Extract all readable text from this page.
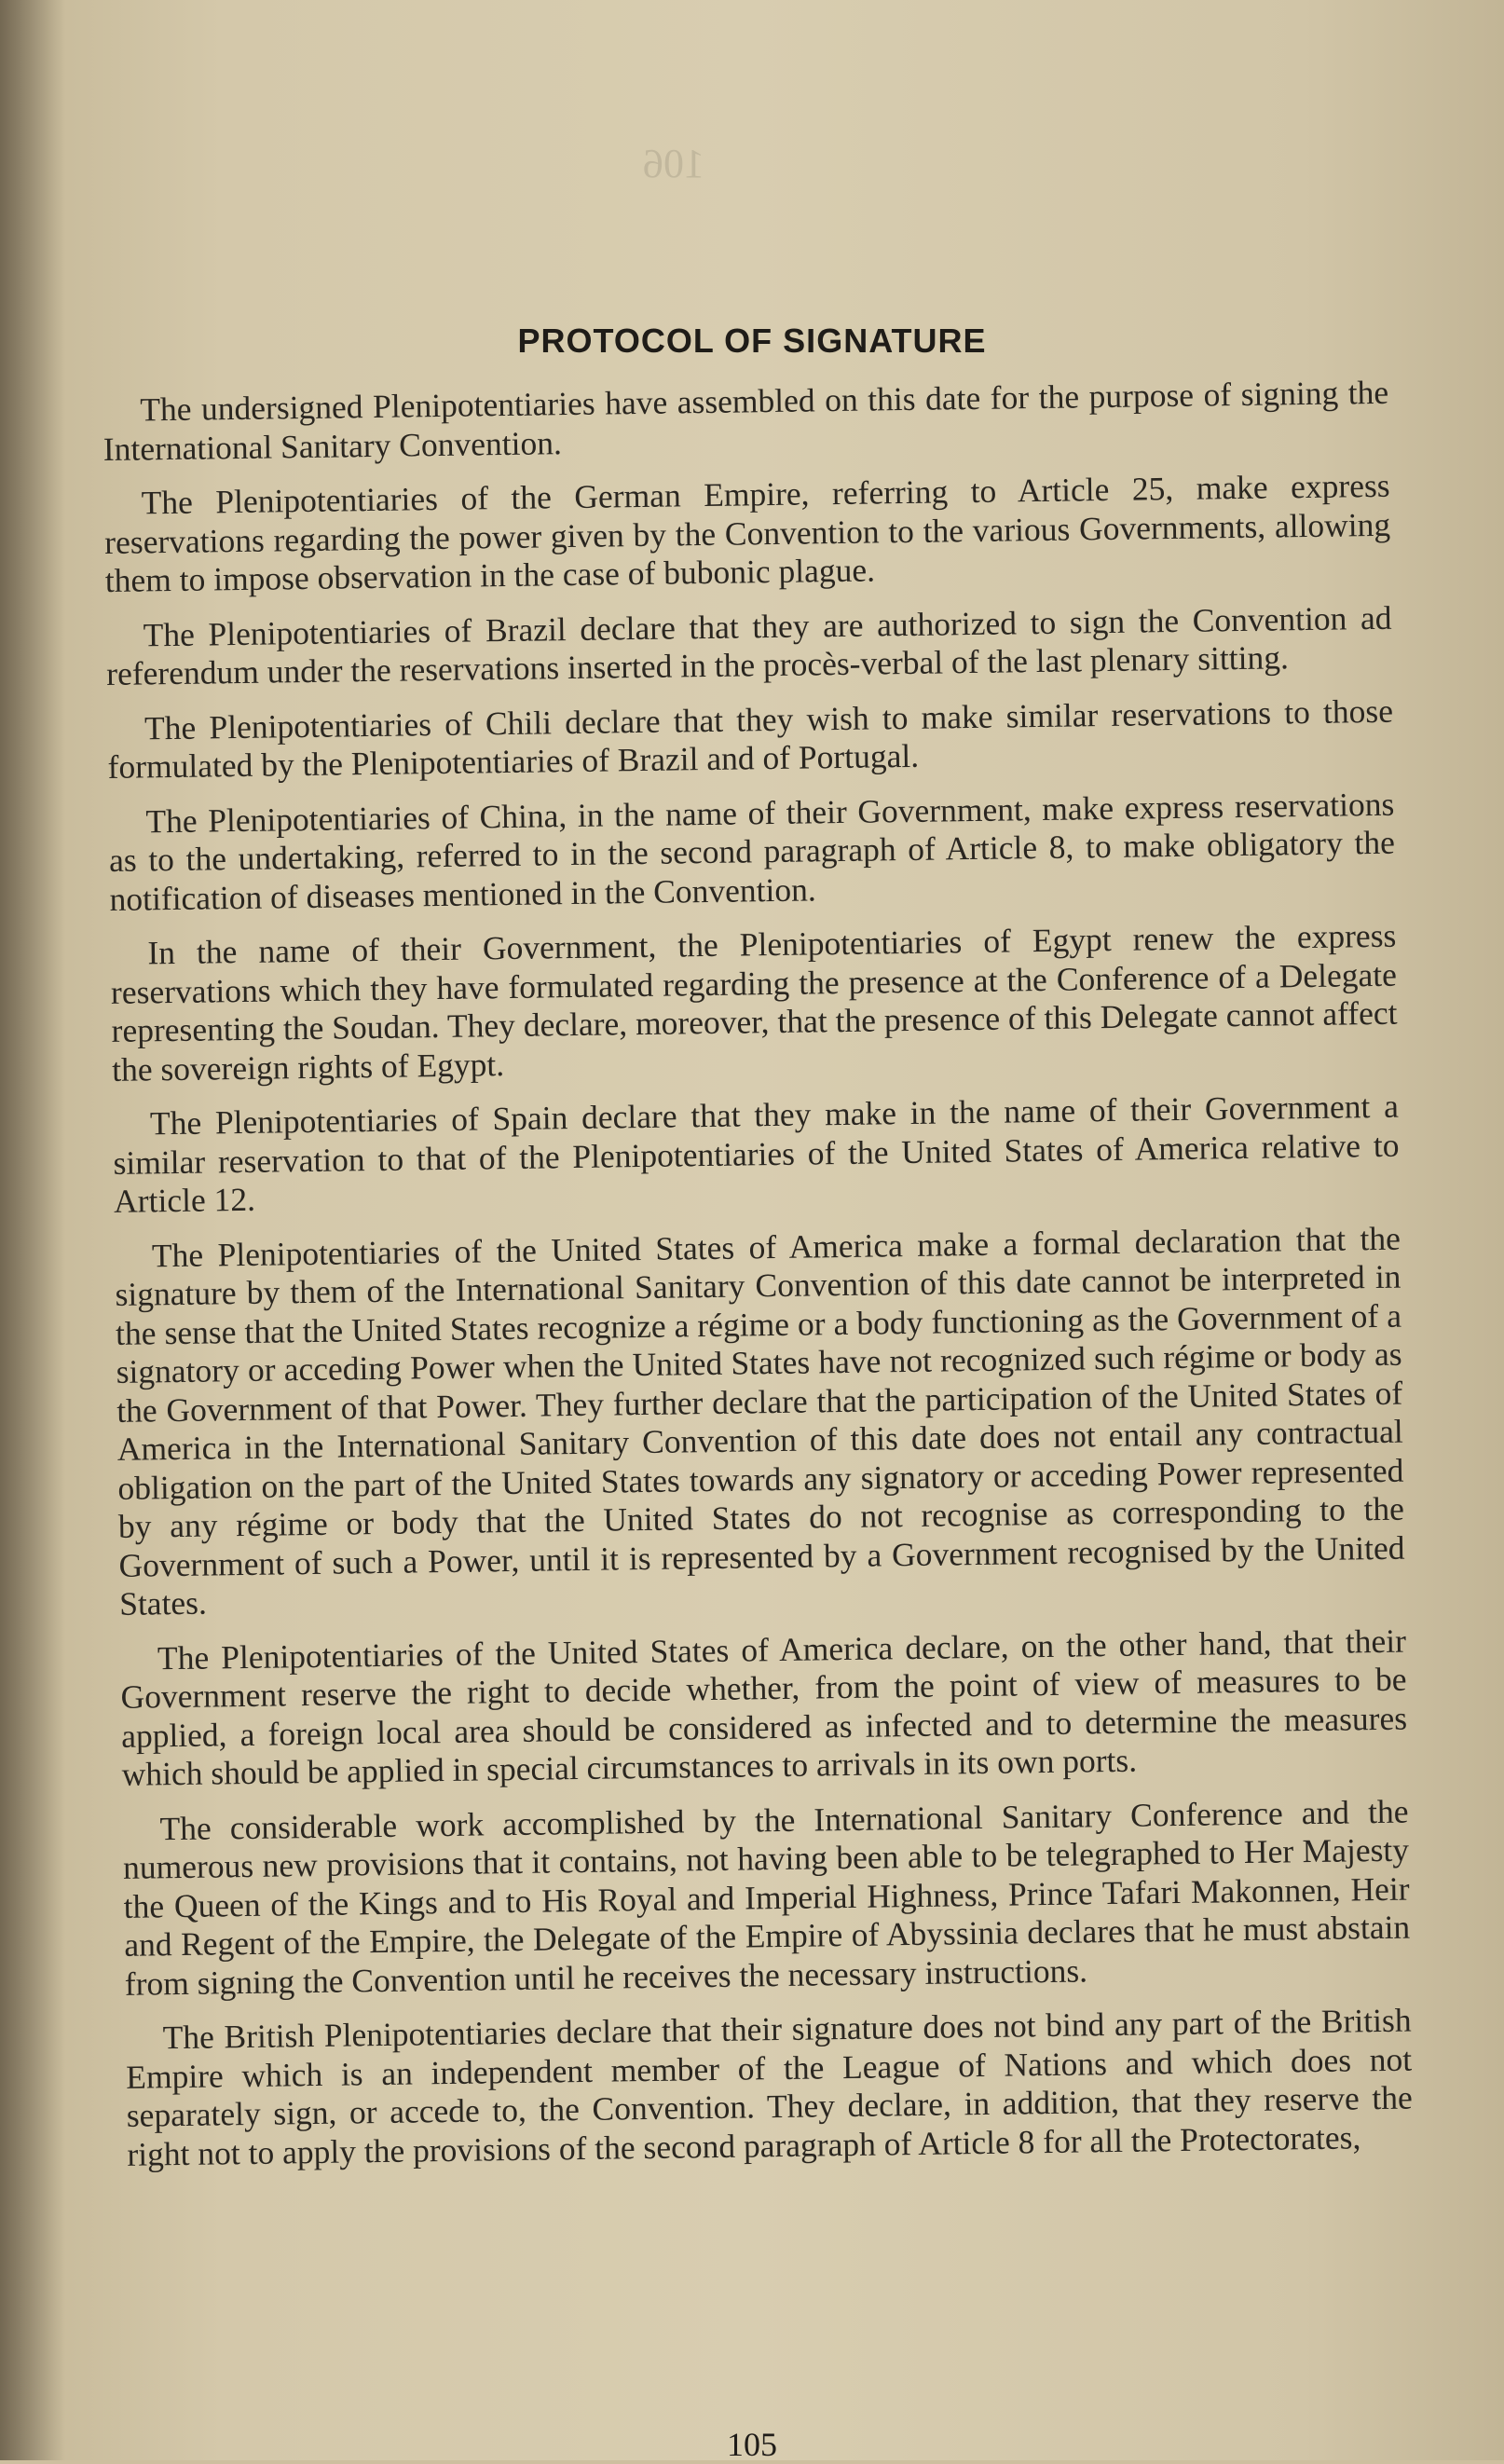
106
PROTOCOL OF SIGNATURE

The undersigned Plenipotentiaries have assembled on this date for the purpose of signing the International Sanitary Convention.

The Plenipotentiaries of the German Empire, referring to Article 25, make express reservations regarding the power given by the Convention to the various Governments, allowing them to impose observation in the case of bubonic plague.

The Plenipotentiaries of Brazil declare that they are authorized to sign the Convention ad referendum under the reservations inserted in the procès-verbal of the last plenary sitting.

The Plenipotentiaries of Chili declare that they wish to make similar reservations to those formulated by the Plenipotentiaries of Brazil and of Portugal.

The Plenipotentiaries of China, in the name of their Government, make express reservations as to the undertaking, referred to in the second paragraph of Article 8, to make obligatory the notification of diseases mentioned in the Convention.

In the name of their Government, the Plenipotentiaries of Egypt renew the express reservations which they have formulated regarding the presence at the Conference of a Delegate representing the Soudan. They declare, moreover, that the presence of this Delegate cannot affect the sovereign rights of Egypt.

The Plenipotentiaries of Spain declare that they make in the name of their Government a similar reservation to that of the Plenipotentiaries of the United States of America relative to Article 12.

The Plenipotentiaries of the United States of America make a formal declaration that the signature by them of the International Sanitary Convention of this date cannot be interpreted in the sense that the United States recognize a régime or a body functioning as the Government of a signatory or acceding Power when the United States have not recognized such régime or body as the Government of that Power. They further declare that the participation of the United States of America in the International Sanitary Convention of this date does not entail any contractual obligation on the part of the United States towards any signatory or acceding Power represented by any régime or body that the United States do not recognise as corresponding to the Government of such a Power, until it is represented by a Government recognised by the United States.

The Plenipotentiaries of the United States of America declare, on the other hand, that their Government reserve the right to decide whether, from the point of view of measures to be applied, a foreign local area should be considered as infected and to determine the measures which should be applied in special circumstances to arrivals in its own ports.

The considerable work accomplished by the International Sanitary Conference and the numerous new provisions that it contains, not having been able to be telegraphed to Her Majesty the Queen of the Kings and to His Royal and Imperial Highness, Prince Tafari Makonnen, Heir and Regent of the Empire, the Delegate of the Empire of Abyssinia declares that he must abstain from signing the Convention until he receives the necessary instructions.

The British Plenipotentiaries declare that their signature does not bind any part of the British Empire which is an independent member of the League of Nations and which does not separately sign, or accede to, the Convention. They declare, in addition, that they reserve the right not to apply the provisions of the second paragraph of Article 8 for all the Protectorates,

105
